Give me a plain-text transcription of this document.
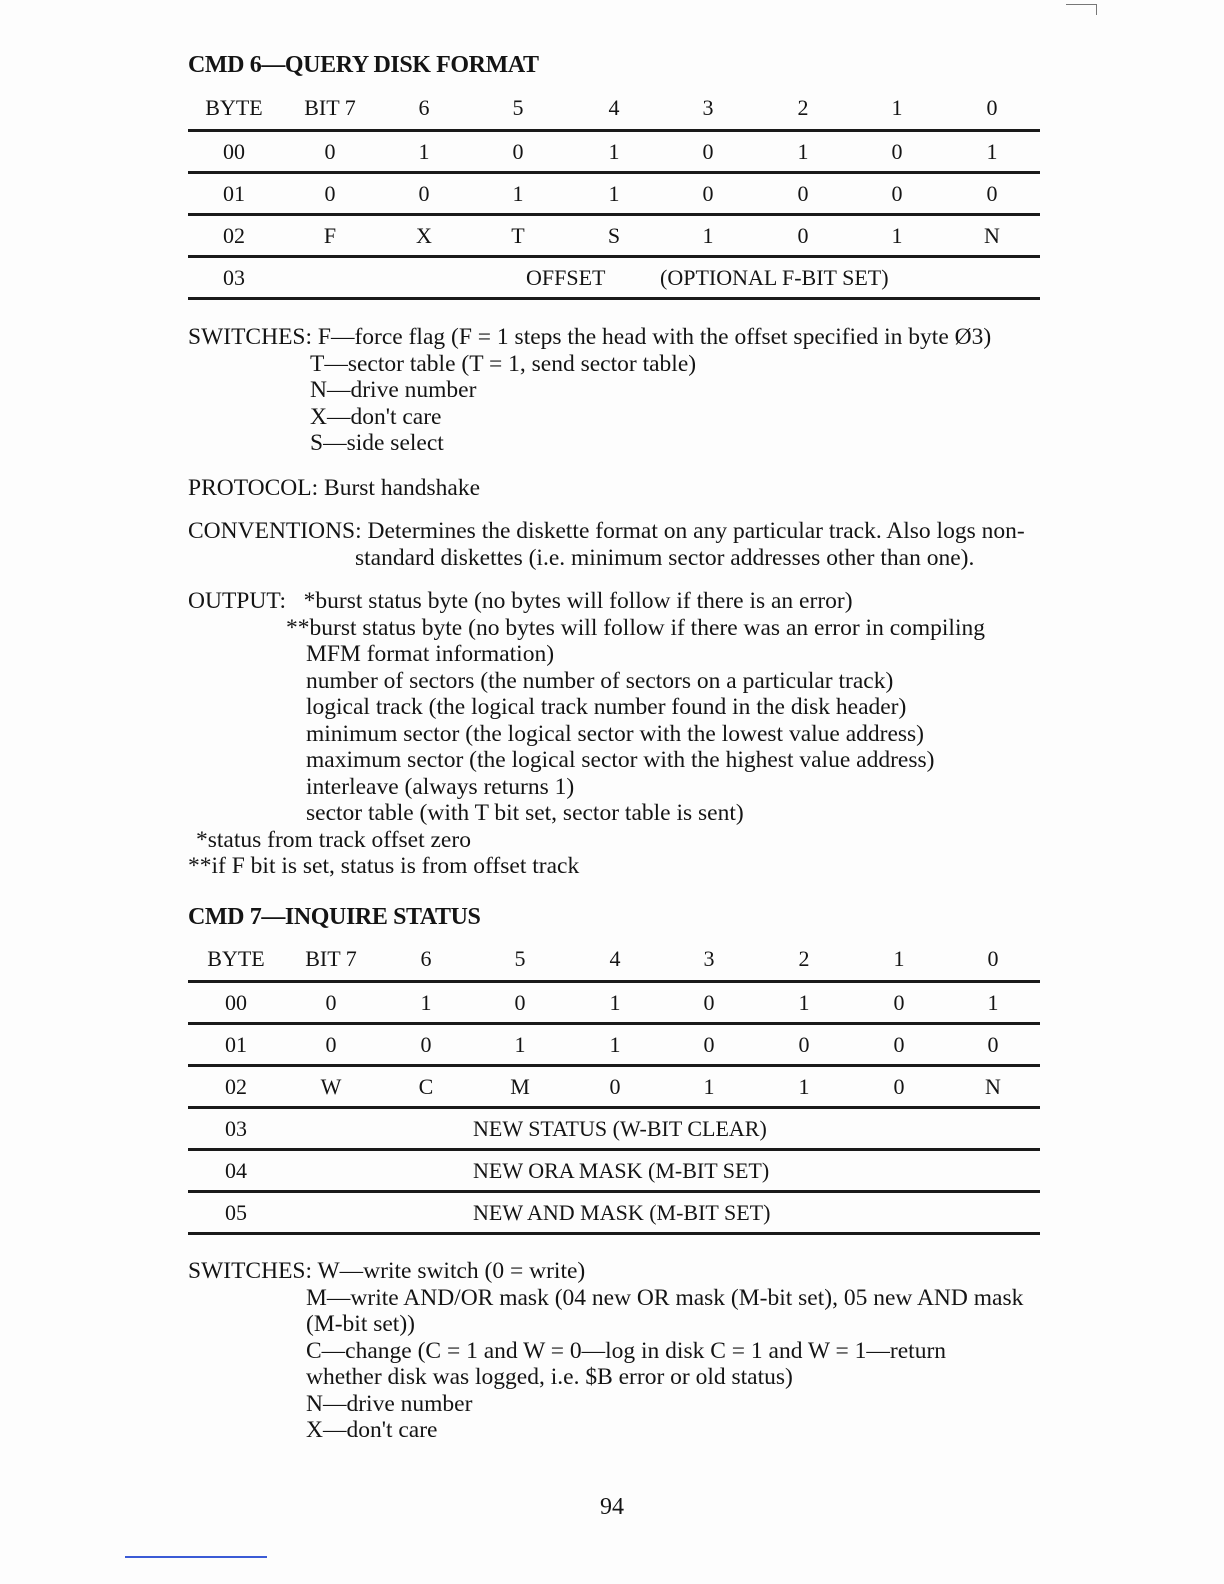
CMD 6—QUERY DISK FORMAT
BYTE	BIT 7	6	5	4	3	2	1	0
00	0	1	0	1	0	1	0	1
01	0	0	1	1	0	0	0	0
02	F	X	T	S	1	0	1	N
03	OFFSET (OPTIONAL F-BIT SET)
SWITCHES: F—force flag (F = 1 steps the head with the offset specified in byte Ø3)
T—sector table (T = 1, send sector table)
N—drive number
X—don't care
S—side select
PROTOCOL: Burst handshake
CONVENTIONS: Determines the diskette format on any particular track. Also logs non-
standard diskettes (i.e. minimum sector addresses other than one).
OUTPUT:   *burst status byte (no bytes will follow if there is an error)
**burst status byte (no bytes will follow if there was an error in compiling
MFM format information)
number of sectors (the number of sectors on a particular track)
logical track (the logical track number found in the disk header)
minimum sector (the logical sector with the lowest value address)
maximum sector (the logical sector with the highest value address)
interleave (always returns 1)
sector table (with T bit set, sector table is sent)
*status from track offset zero
**if F bit is set, status is from offset track
CMD 7—INQUIRE STATUS
BYTE	BIT 7	6	5	4	3	2	1	0
00	0	1	0	1	0	1	0	1
01	0	0	1	1	0	0	0	0
02	W	C	M	0	1	1	0	N
03	NEW STATUS (W-BIT CLEAR)
04	NEW ORA MASK (M-BIT SET)
05	NEW AND MASK (M-BIT SET)
SWITCHES: W—write switch (0 = write)
M—write AND/OR mask (04 new OR mask (M-bit set), 05 new AND mask
(M-bit set))
C—change (C = 1 and W = 0—log in disk C = 1 and W = 1—return
whether disk was logged, i.e. $B error or old status)
N—drive number
X—don't care
94
